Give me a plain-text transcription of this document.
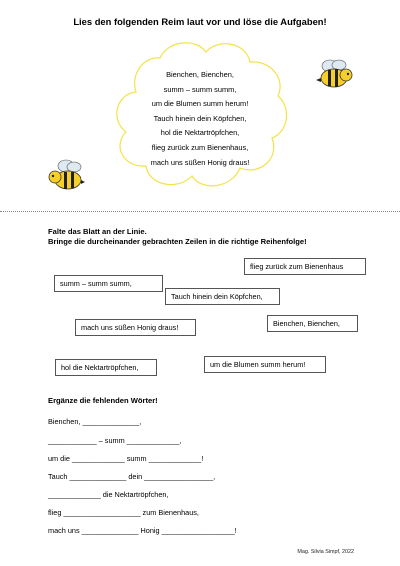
Lies den folgenden Reim laut vor und löse die Aufgaben!
Bienchen, Bienchen,
summ – summ summ,
um die Blumen summ herum!
Tauch hinein dein Köpfchen,
hol die Nektartröpfchen,
flieg zurück zum Bienenhaus,
mach uns süßen Honig draus!
Falte das Blatt an der Linie.
Bringe die durcheinander gebrachten Zeilen in die richtige Reihenfolge!
flieg zurück zum Bienenhaus
summ – summ summ,
Tauch hinein dein Köpfchen,
Bienchen, Bienchen,
mach uns süßen Honig draus!
um die Blumen summ herum!
hol die Nektartröpfchen,
Ergänze die fehlenden Wörter!
Bienchen, ______________,
____________ – summ _____________,
um die _____________ summ _____________!
Tauch ______________ dein _________________,
_____________ die Nektartröpfchen,
flieg ___________________ zum Bienenhaus,
mach uns ______________ Honig __________________!
Mag. Silvia Simpf, 2022
